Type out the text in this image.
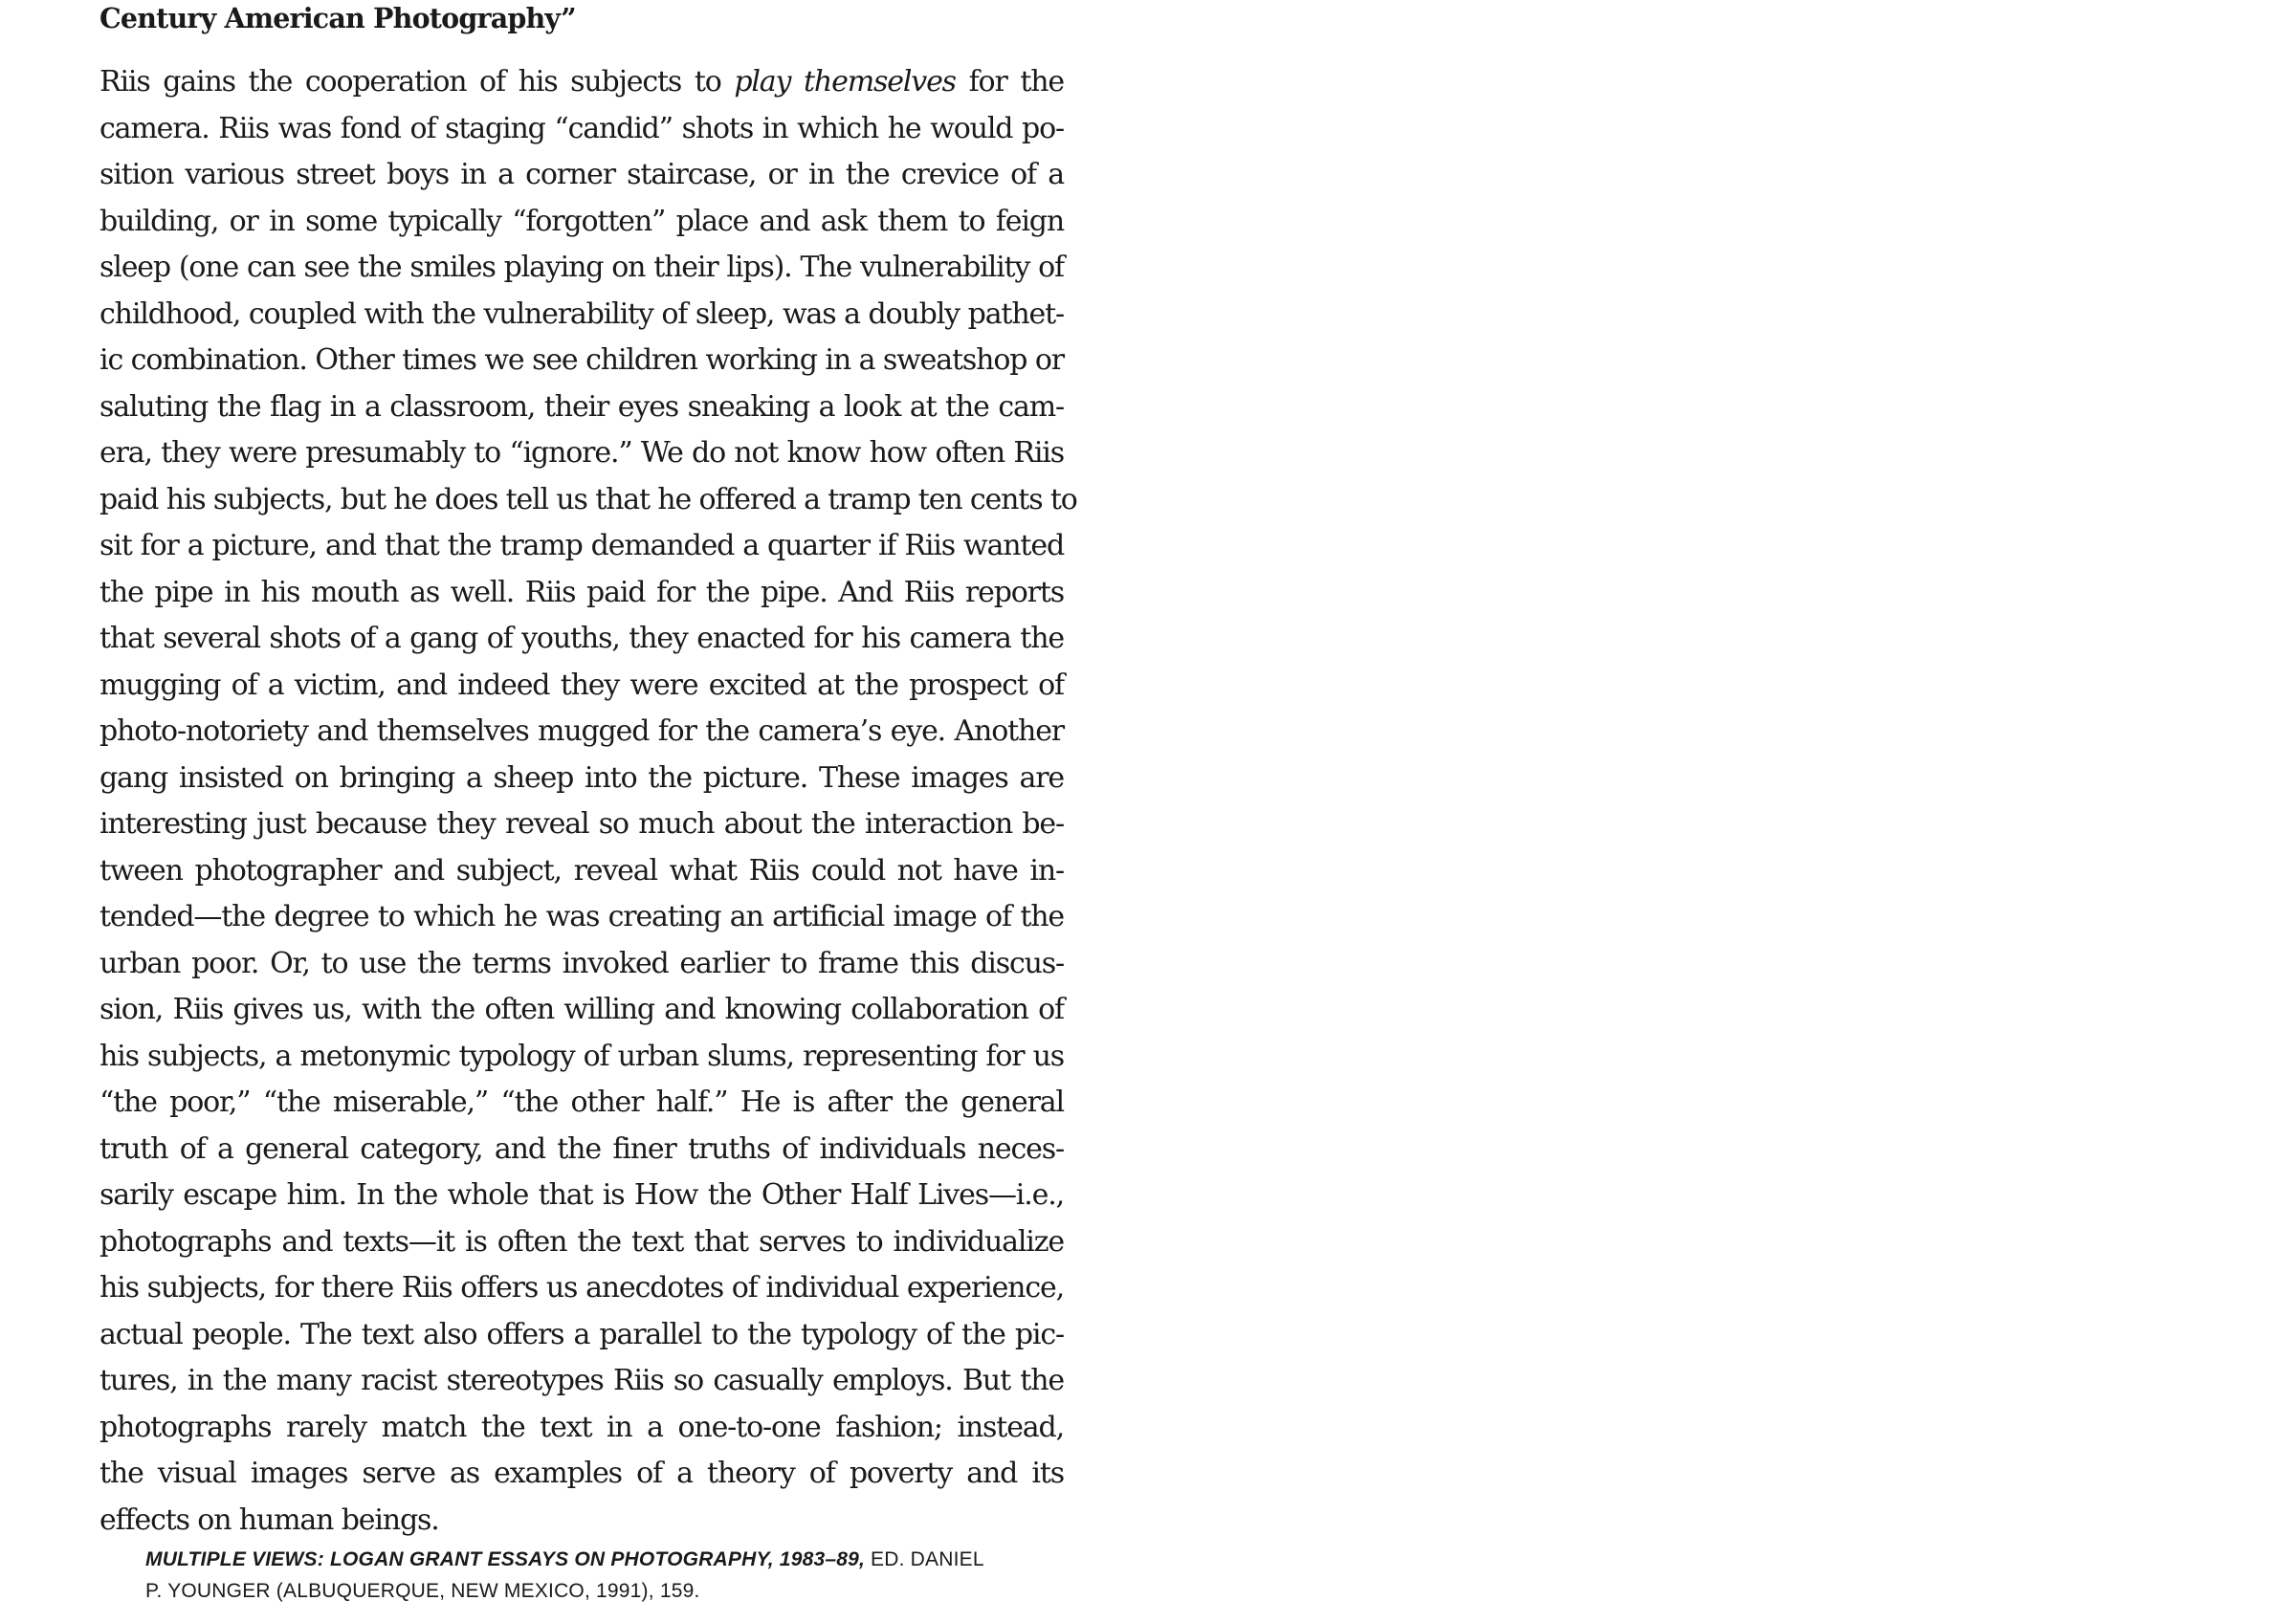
Century American Photography”
Riis gains the cooperation of his subjects to play themselves for the
camera. Riis was fond of staging “candid” shots in which he would po-
sition various street boys in a corner staircase, or in the crevice of a
building, or in some typically “forgotten” place and ask them to feign
sleep (one can see the smiles playing on their lips). The vulnerability of
childhood, coupled with the vulnerability of sleep, was a doubly pathet-
ic combination. Other times we see children working in a sweatshop or
saluting the flag in a classroom, their eyes sneaking a look at the cam-
era, they were presumably to “ignore.” We do not know how often Riis
paid his subjects, but he does tell us that he offered a tramp ten cents to
sit for a picture, and that the tramp demanded a quarter if Riis wanted
the pipe in his mouth as well. Riis paid for the pipe. And Riis reports
that several shots of a gang of youths, they enacted for his camera the
mugging of a victim, and indeed they were excited at the prospect of
photo-notoriety and themselves mugged for the camera’s eye. Another
gang insisted on bringing a sheep into the picture. These images are
interesting just because they reveal so much about the interaction be-
tween photographer and subject, reveal what Riis could not have in-
tended—the degree to which he was creating an artificial image of the
urban poor. Or, to use the terms invoked earlier to frame this discus-
sion, Riis gives us, with the often willing and knowing collaboration of
his subjects, a metonymic typology of urban slums, representing for us
“the poor,” “the miserable,” “the other half.” He is after the general
truth of a general category, and the finer truths of individuals neces-
sarily escape him. In the whole that is How the Other Half Lives—i.e.,
photographs and texts—it is often the text that serves to individualize
his subjects, for there Riis offers us anecdotes of individual experience,
actual people. The text also offers a parallel to the typology of the pic-
tures, in the many racist stereotypes Riis so casually employs. But the
photographs rarely match the text in a one-to-one fashion; instead,
the visual images serve as examples of a theory of poverty and its
effects on human beings.
MULTIPLE VIEWS: LOGAN GRANT ESSAYS ON PHOTOGRAPHY, 1983–89, ED. DANIEL
P. YOUNGER (ALBUQUERQUE, NEW MEXICO, 1991), 159.
